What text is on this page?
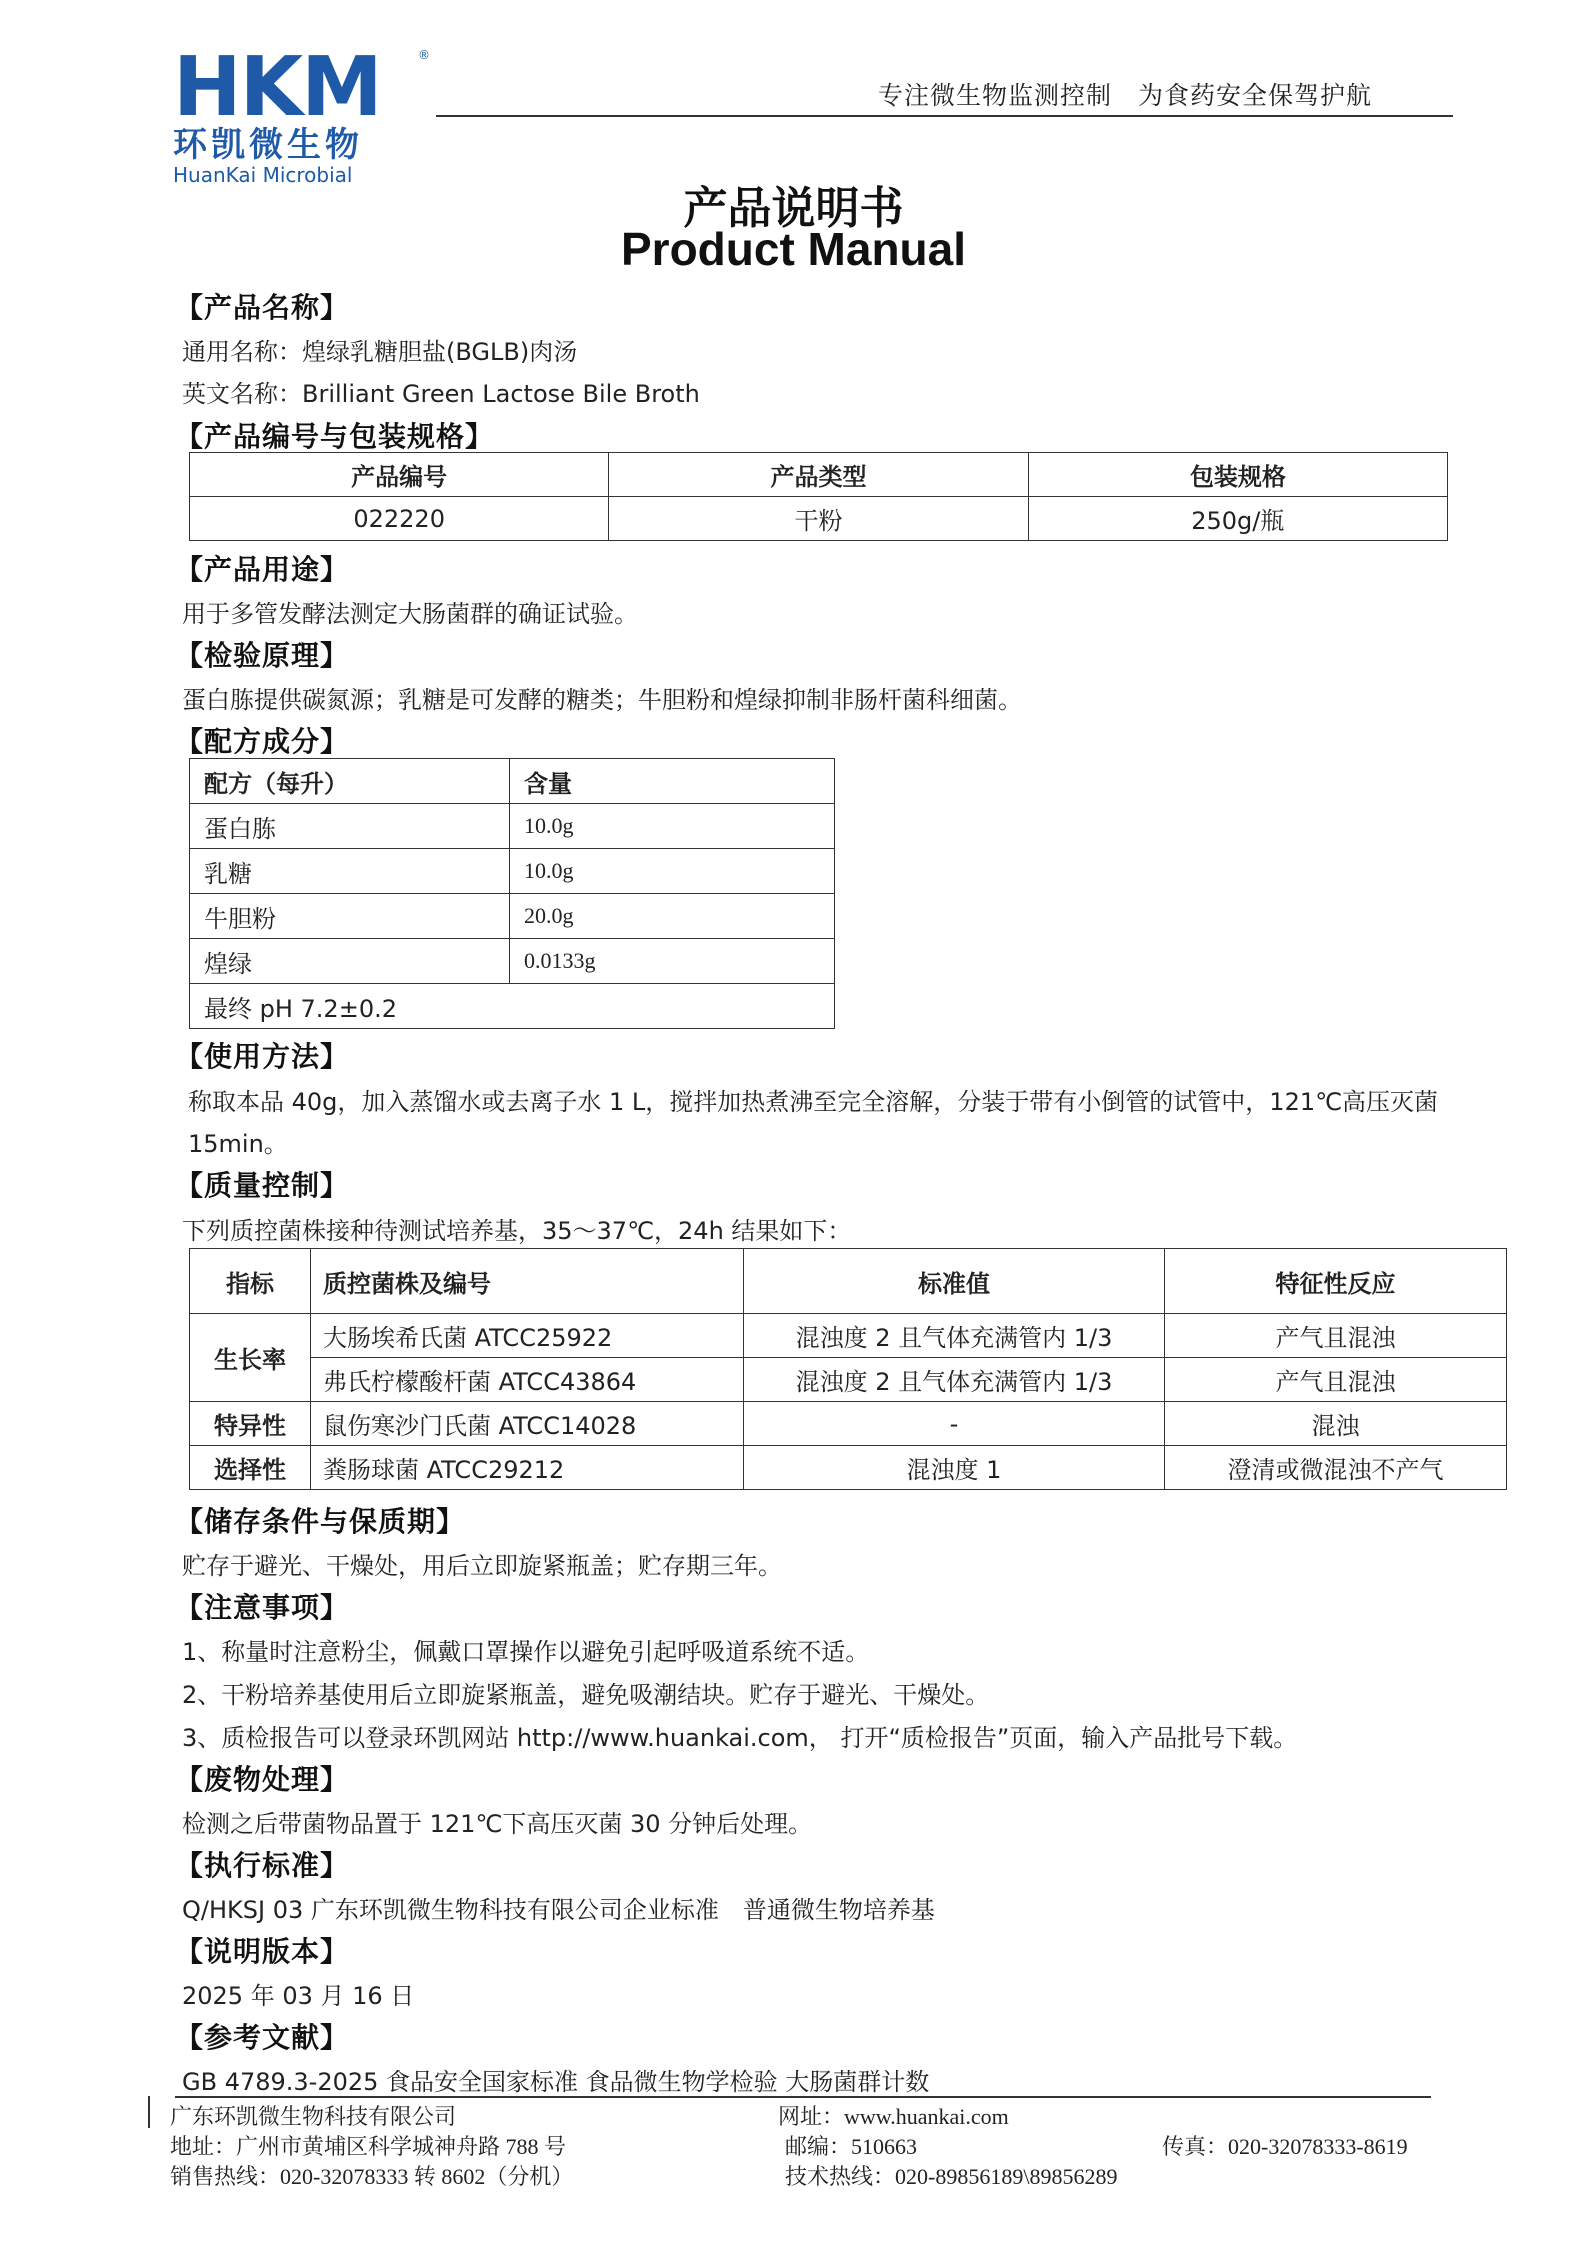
HKM
环凯微生物
HuanKai Microbial
®
专注微生物监测控制　为食药安全保驾护航
产品说明书
Product Manual
【产品名称】
通用名称：煌绿乳糖胆盐(BGLB)肉汤
英文名称：Brilliant Green Lactose Bile Broth
【产品编号与包装规格】
产品编号	产品类型	包装规格
022220	干粉	250g/瓶
【产品用途】
用于多管发酵法测定大肠菌群的确证试验。
【检验原理】
蛋白胨提供碳氮源；乳糖是可发酵的糖类；牛胆粉和煌绿抑制非肠杆菌科细菌。
【配方成分】
配方（每升）	含量
蛋白胨	10.0g
乳糖	10.0g
牛胆粉	20.0g
煌绿	0.0133g
最终 pH 7.2±0.2	
【使用方法】
称取本品 40g，加入蒸馏水或去离子水 1 L，搅拌加热煮沸至完全溶解，分装于带有小倒管的试管中，121℃高压灭菌
15min。
【质量控制】
下列质控菌株接种待测试培养基，35～37℃，24h 结果如下：
指标	质控菌株及编号	标准值	特征性反应
生长率	大肠埃希氏菌 ATCC25922	混浊度 2 且气体充满管内 1/3	产气且混浊
	弗氏柠檬酸杆菌 ATCC43864	混浊度 2 且气体充满管内 1/3	产气且混浊
特异性	鼠伤寒沙门氏菌 ATCC14028	-	混浊
选择性	粪肠球菌 ATCC29212	混浊度 1	澄清或微混浊不产气
【储存条件与保质期】
贮存于避光、干燥处，用后立即旋紧瓶盖；贮存期三年。
【注意事项】
1、称量时注意粉尘，佩戴口罩操作以避免引起呼吸道系统不适。
2、干粉培养基使用后立即旋紧瓶盖，避免吸潮结块。贮存于避光、干燥处。
3、质检报告可以登录环凯网站 http://www.huankai.com， 打开“质检报告”页面，输入产品批号下载。
【废物处理】
检测之后带菌物品置于 121℃下高压灭菌 30 分钟后处理。
【执行标准】
Q/HKSJ 03 广东环凯微生物科技有限公司企业标准　普通微生物培养基
【说明版本】
2025 年 03 月 16 日
【参考文献】
GB 4789.3-2025 食品安全国家标准 食品微生物学检验 大肠菌群计数
广东环凯微生物科技有限公司	网址：www.huankai.com
地址：广州市黄埔区科学城神舟路 788 号	邮编：510663	传真：020-32078333-8619
销售热线：020-32078333 转 8602（分机）	技术热线：020-89856189\89856289
